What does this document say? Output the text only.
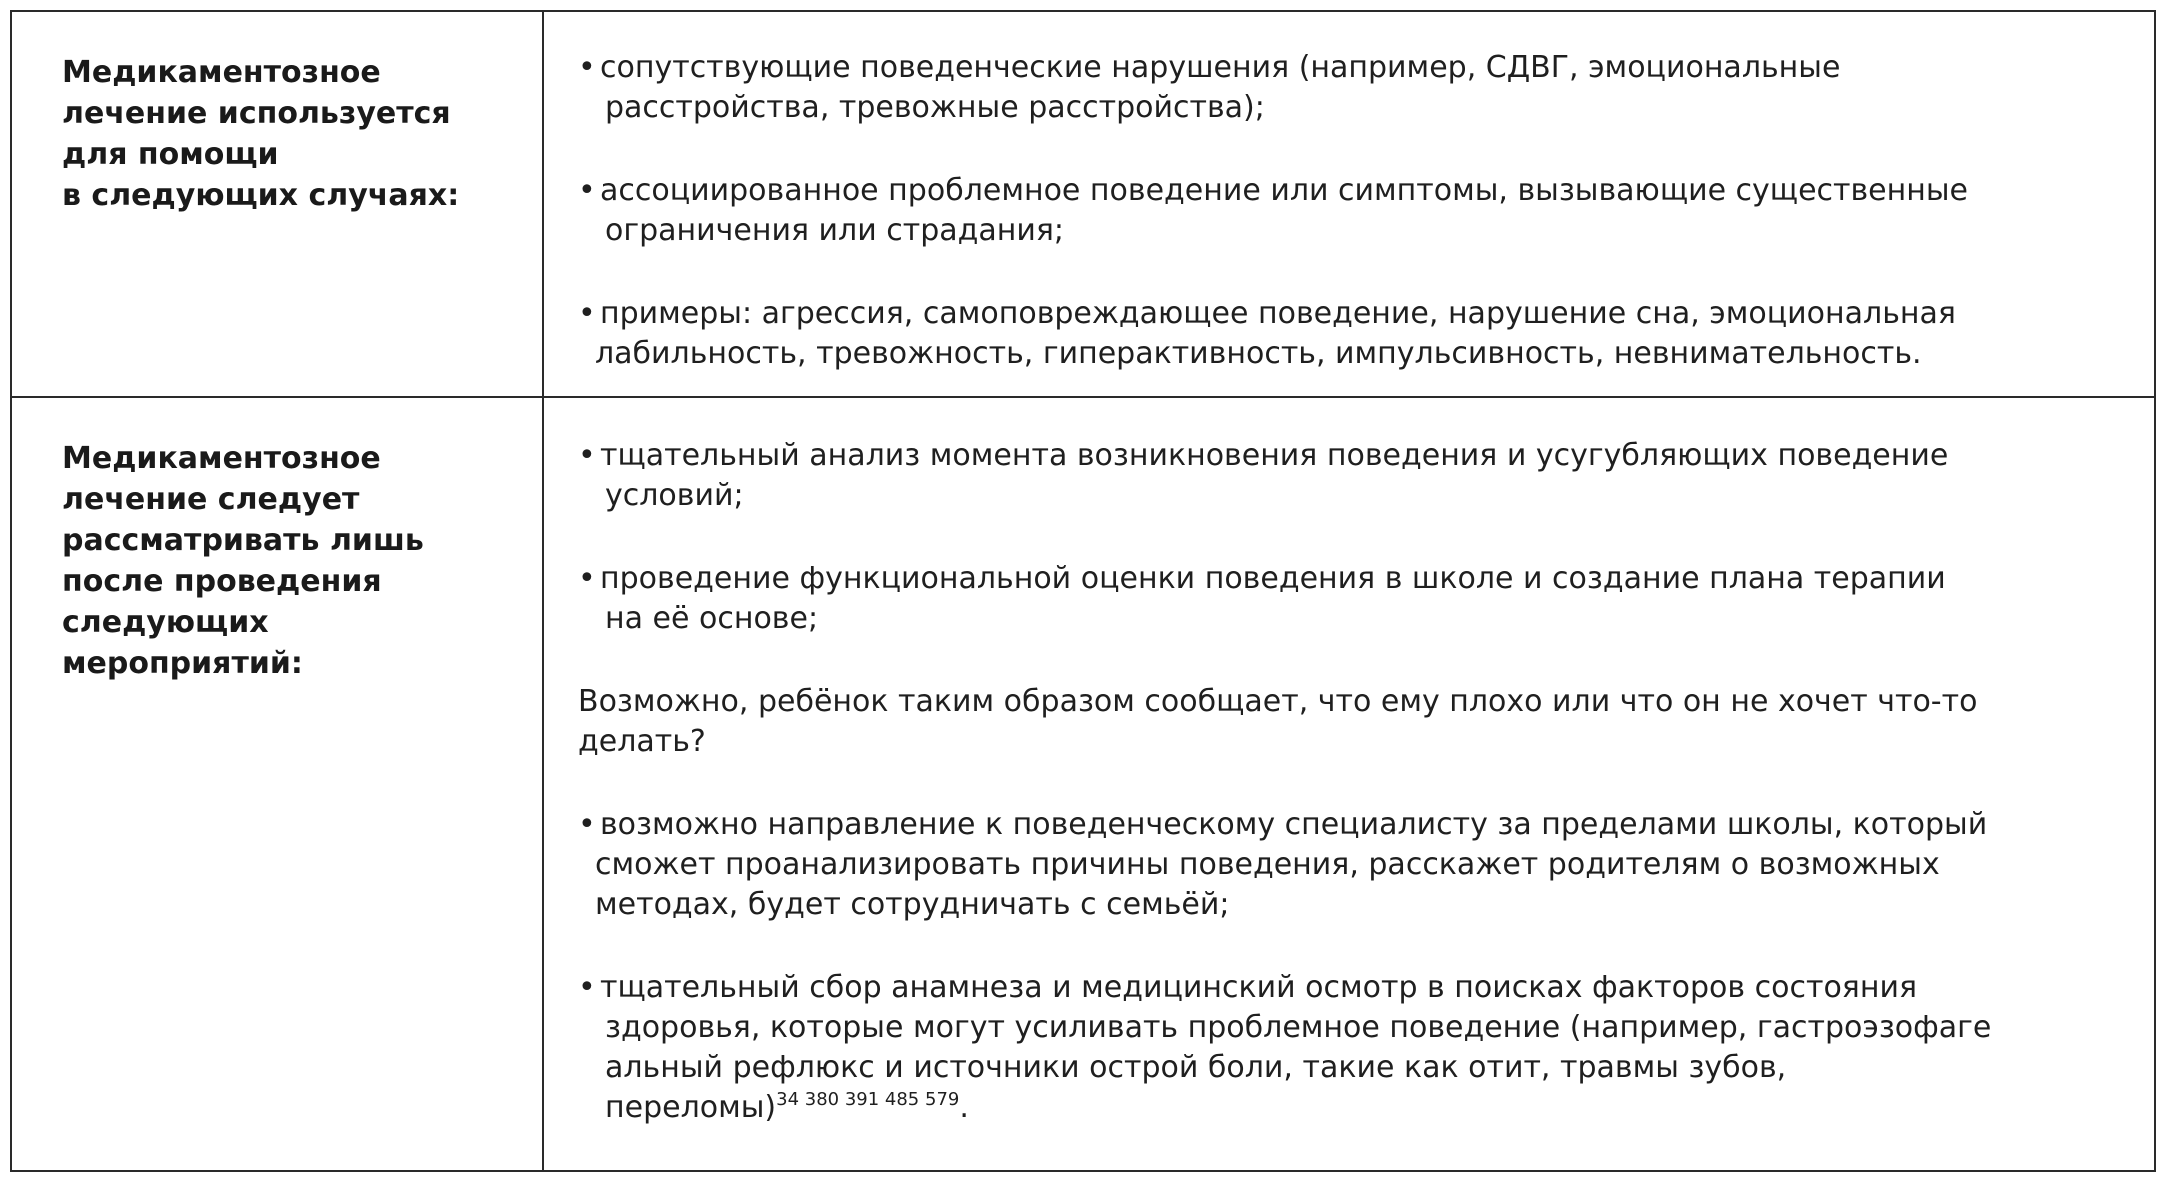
Медикаментозное
лечение используется
для помощи
в следующих случаях:
• сопутствующие поведенческие нарушения (например, СДВГ, эмоциональные
расстройства, тревожные расстройства);
• ассоциированное проблемное поведение или симптомы, вызывающие существенные
ограничения или страдания;
• примеры: агрессия, самоповреждающее поведение, нарушение сна, эмоциональная
лабильность, тревожность, гиперактивность, импульсивность, невнимательность.
Медикаментозное
лечение следует
рассматривать лишь
после проведения
следующих
мероприятий:
• тщательный анализ момента возникновения поведения и усугубляющих поведение
условий;
• проведение функциональной оценки поведения в школе и создание плана терапии
на её основе;
Возможно, ребёнок таким образом сообщает, что ему плохо или что он не хочет что-то
делать?
• возможно направление к поведенческому специалисту за пределами школы, который
сможет проанализировать причины поведения, расскажет родителям о возможных
методах, будет сотрудничать с семьёй;
• тщательный сбор анамнеза и медицинский осмотр в поисках факторов состояния
здоровья, которые могут усиливать проблемное поведение (например, гастроэзофаге
альный рефлюкс и источники острой боли, такие как отит, травмы зубов,
переломы)$^{34 380 391 485 579}$.
